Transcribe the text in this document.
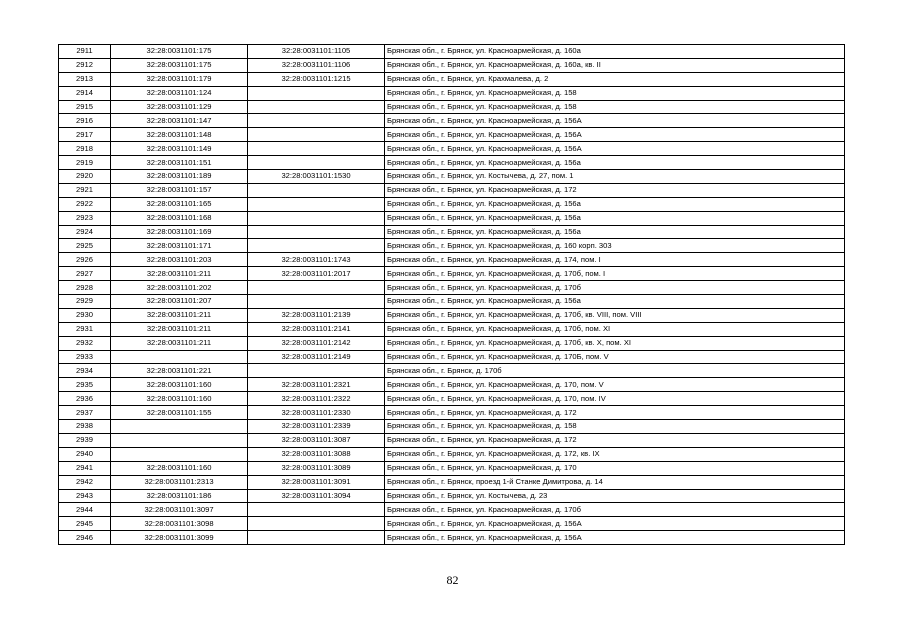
2911	32:28:0031101:175	32:28:0031101:1105	Брянская обл., г. Брянск, ул. Красноармейская, д. 160а
2912	32:28:0031101:175	32:28:0031101:1106	Брянская обл., г. Брянск, ул. Красноармейская, д. 160а, кв. II
2913	32:28:0031101:179	32:28:0031101:1215	Брянская обл., г. Брянск, ул. Крахмалева, д. 2
2914	32:28:0031101:124		Брянская обл., г. Брянск, ул. Красноармейская, д. 158
2915	32:28:0031101:129		Брянская обл., г. Брянск, ул. Красноармейская, д. 158
2916	32:28:0031101:147		Брянская обл., г. Брянск, ул. Красноармейская, д. 156А
2917	32:28:0031101:148		Брянская обл., г. Брянск, ул. Красноармейская, д. 156А
2918	32:28:0031101:149		Брянская обл., г. Брянск, ул. Красноармейская, д. 156А
2919	32:28:0031101:151		Брянская обл., г. Брянск, ул. Красноармейская, д. 156а
2920	32:28:0031101:189	32:28:0031101:1530	Брянская обл., г. Брянск, ул. Костычева, д. 27, пом. 1
2921	32:28:0031101:157		Брянская обл., г. Брянск, ул. Красноармейская, д. 172
2922	32:28:0031101:165		Брянская обл., г. Брянск, ул. Красноармейская, д. 156а
2923	32:28:0031101:168		Брянская обл., г. Брянск, ул. Красноармейская, д. 156а
2924	32:28:0031101:169		Брянская обл., г. Брянск, ул. Красноармейская, д. 156а
2925	32:28:0031101:171		Брянская обл., г. Брянск, ул. Красноармейская, д. 160 корп. 303
2926	32:28:0031101:203	32:28:0031101:1743	Брянская обл., г. Брянск, ул. Красноармейская, д. 174, пом. I
2927	32:28:0031101:211	32:28:0031101:2017	Брянская обл., г. Брянск, ул. Красноармейская, д. 170б, пом. I
2928	32:28:0031101:202		Брянская обл., г. Брянск, ул. Красноармейская, д. 170б
2929	32:28:0031101:207		Брянская обл., г. Брянск, ул. Красноармейская, д. 156а
2930	32:28:0031101:211	32:28:0031101:2139	Брянская обл., г. Брянск, ул. Красноармейская, д. 170б, кв. VIII, пом. VIII
2931	32:28:0031101:211	32:28:0031101:2141	Брянская обл., г. Брянск, ул. Красноармейская, д. 170б, пом. XI
2932	32:28:0031101:211	32:28:0031101:2142	Брянская обл., г. Брянск, ул. Красноармейская, д. 170б, кв. X, пом. XI
2933		32:28:0031101:2149	Брянская обл., г. Брянск, ул. Красноармейская, д. 170Б, пом. V
2934	32:28:0031101:221		Брянская обл., г. Брянск, д. 170б
2935	32:28:0031101:160	32:28:0031101:2321	Брянская обл., г. Брянск, ул. Красноармейская, д. 170, пом. V
2936	32:28:0031101:160	32:28:0031101:2322	Брянская обл., г. Брянск, ул. Красноармейская, д. 170, пом. IV
2937	32:28:0031101:155	32:28:0031101:2330	Брянская обл., г. Брянск, ул. Красноармейская, д. 172
2938		32:28:0031101:2339	Брянская обл., г. Брянск, ул. Красноармейская, д. 158
2939		32:28:0031101:3087	Брянская обл., г. Брянск, ул. Красноармейская, д. 172
2940		32:28:0031101:3088	Брянская обл., г. Брянск, ул. Красноармейская, д. 172, кв. IX
2941	32:28:0031101:160	32:28:0031101:3089	Брянская обл., г. Брянск, ул. Красноармейская, д. 170
2942	32:28:0031101:2313	32:28:0031101:3091	Брянская обл., г. Брянск, проезд 1-й Станке Димитрова, д. 14
2943	32:28:0031101:186	32:28:0031101:3094	Брянская обл., г. Брянск, ул. Костычева, д. 23
2944	32:28:0031101:3097		Брянская обл., г. Брянск, ул. Красноармейская, д. 170б
2945	32:28:0031101:3098		Брянская обл., г. Брянск, ул. Красноармейская, д. 156А
2946	32:28:0031101:3099		Брянская обл., г. Брянск, ул. Красноармейская, д. 156А
82
